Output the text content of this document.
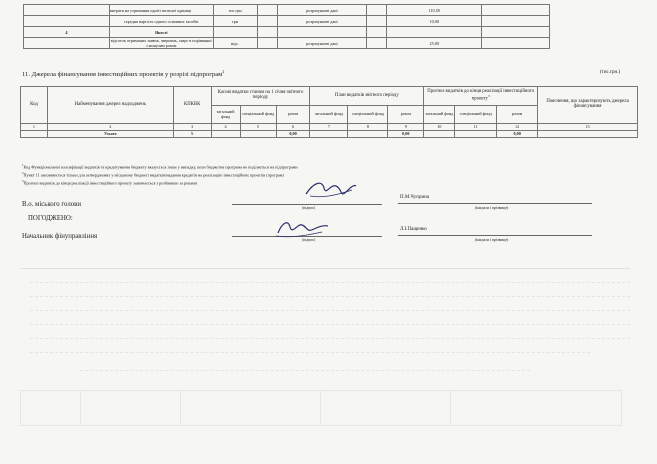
	витрати на утримання однієї штатної одиниці	тис.грн		розрахункові дані		110,50	
	середня вартість одного основних засобів	грн		розрахункові дані		10,00	
4	Якості						
	відсоток отриманих заявок, звернень, скарг в порівнянні з минулим роком	відс.		розрахункові дані		25,00	
11. Джерела фінансування інвестиційних проектів у розрізі підпрограм$^2$	(тис.грн.)
Код	Найменування джерел надходжень	КПКВК	Касові видатки станом на 1 січня звітного періоду			План видатків звітного періоду			Прогноз видатків до кінця реалізації інвестиційного проекту$^3$			Пояснення, що характеризують джерела фінансування
			загальний фонд	спеціальний фонд	разом	загальний фонд	спеціальний фонд	разом	загальний фонд	спеціальний фонд	разом	
1	2	3	4	5	6	7	8	9	10	11	12	13
	Усього	X			0,00			0,00			0,00	
$^1$Код Функціональної класифікації видатків та кредитування бюджету вказується лише у випадку, коли бюджетна програма не поділяється на підпрограми
$^2$Пункт 11 заповнюється тільки для затверджених у місцевому бюджеті видатків/надання кредитів на реалізацію інвестиційних проектів (програм)
$^3$Прогноз видатків до кінця реалізації інвестиційного проекту зазначається з розбивкою за роками
В.о. міського голови	(підпис)
П.М.Чуприна
(ініціали і прізвище)
ПОГОДЖЕНО:
Начальник фінуправління	(підпис)
Л.І.Пащенко
(ініціали і прізвище)
